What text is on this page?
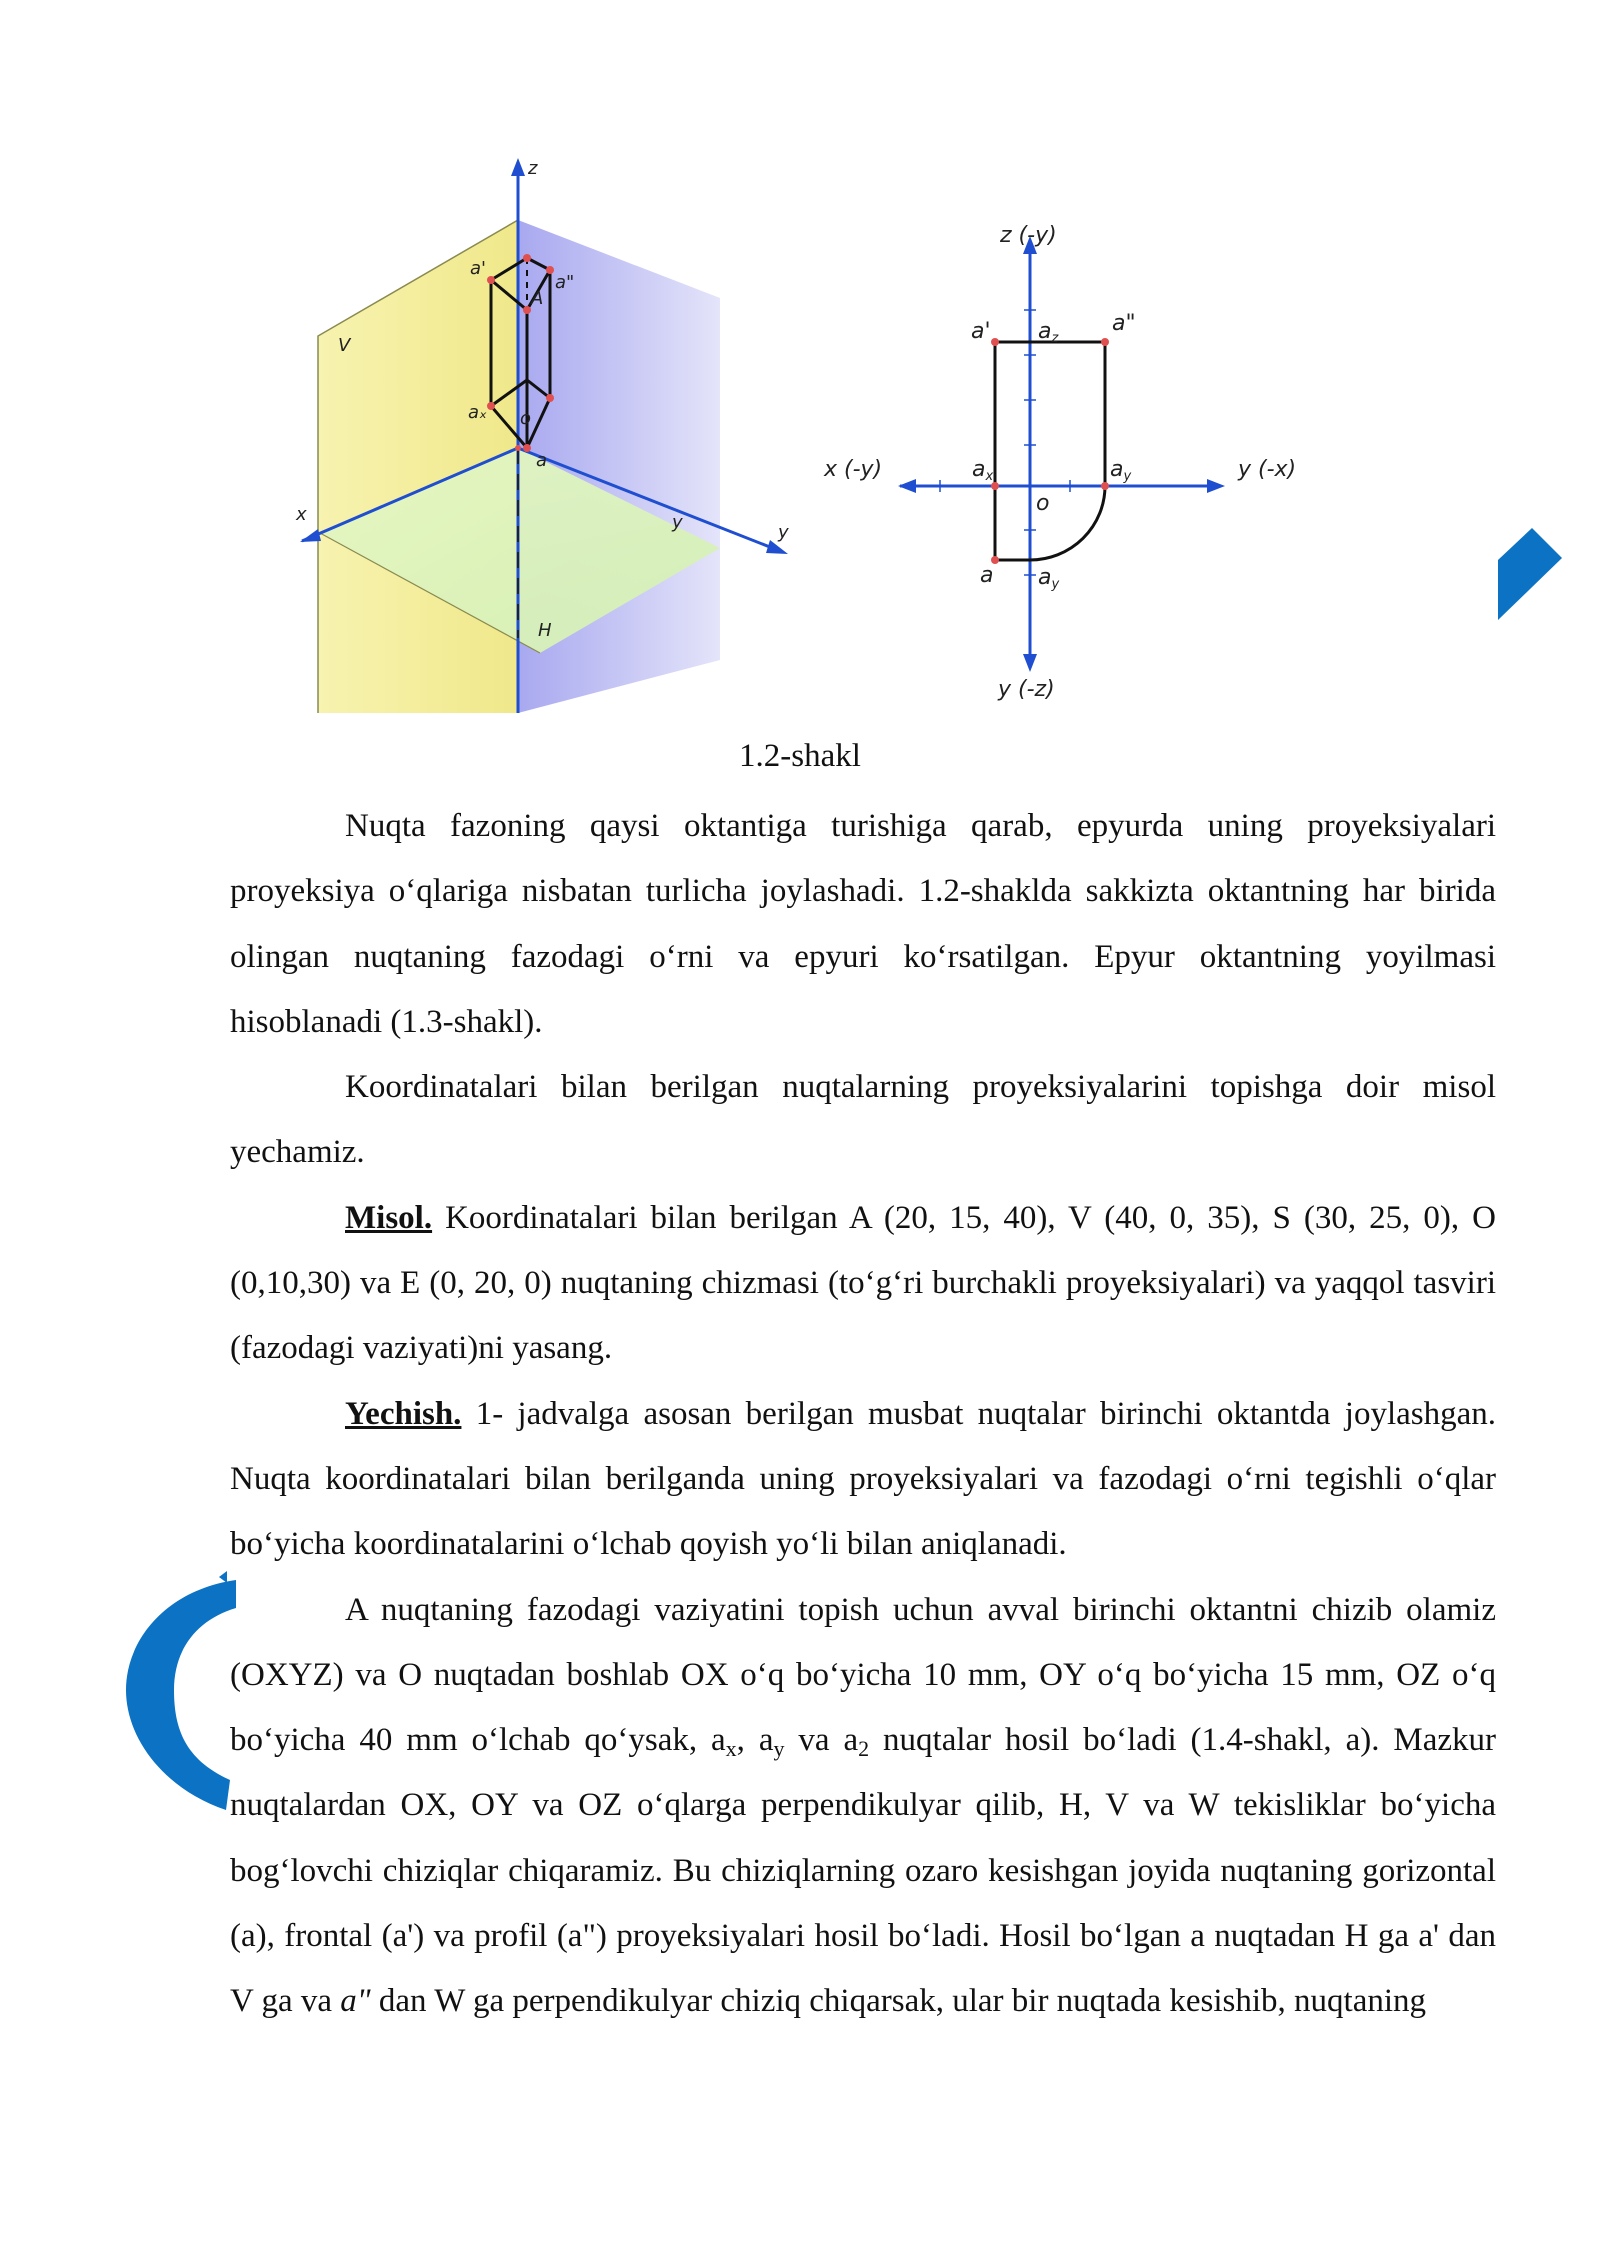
z
a'
a"
A
V
aₓ o
a
x
y
y
H
z (-y)
a' az
a"
x (-y)	ax	ay	y (-x)
o
a ay
y (-z)
1.2-shakl

Nuqta fazoning qaysi oktantiga turishiga qarab, epyurda uning proyeksiyalari proyeksiya o‘qlariga nisbatan turlicha joylashadi. 1.2-shaklda sakkizta oktantning har birida olingan nuqtaning fazodagi o‘rni va epyuri ko‘rsatilgan. Epyur oktantning yoyilmasi hisoblanadi (1.3-shakl).

Koordinatalari bilan berilgan nuqtalarning proyeksiyalarini topishga doir misol yechamiz.

Misol. Koordinatalari bilan berilgan A (20, 15, 40), V (40, 0, 35), S (30, 25, 0), O (0,10,30) va E (0, 20, 0) nuqtaning chizmasi (to‘g‘ri burchakli proyeksiyalari) va yaqqol tasviri (fazodagi vaziyati)ni yasang.

Yechish. 1- jadvalga asosan berilgan musbat nuqtalar birinchi oktantda joylashgan. Nuqta koordinatalari bilan berilganda uning proyeksiyalari va fazodagi o‘rni tegishli o‘qlar bo‘yicha koordinatalarini o‘lchab qoyish yo‘li bilan aniqlanadi.

A nuqtaning fazodagi vaziyatini topish uchun avval birinchi oktantni chizib olamiz (OXYZ) va O nuqtadan boshlab OX o‘q bo‘yicha 10 mm, OY o‘q bo‘yicha 15 mm, OZ o‘q bo‘yicha 40 mm o‘lchab qo‘ysak, $a_x$, $a_y$ va $a_2$ nuqtalar hosil bo‘ladi (1.4-shakl, a). Mazkur nuqtalardan OX, OY va OZ o‘qlarga perpendikulyar qilib, H, V va W tekisliklar bo‘yicha bog‘lovchi chiziqlar chiqaramiz. Bu chiziqlarning ozaro kesishgan joyida nuqtaning gorizontal (a), frontal (a') va profil (a") proyeksiyalari hosil bo‘ladi. Hosil bo‘lgan a nuqtadan H ga a' dan V ga va a" dan W ga perpendikulyar chiziq chiqarsak, ular bir nuqtada kesishib, nuqtaning
